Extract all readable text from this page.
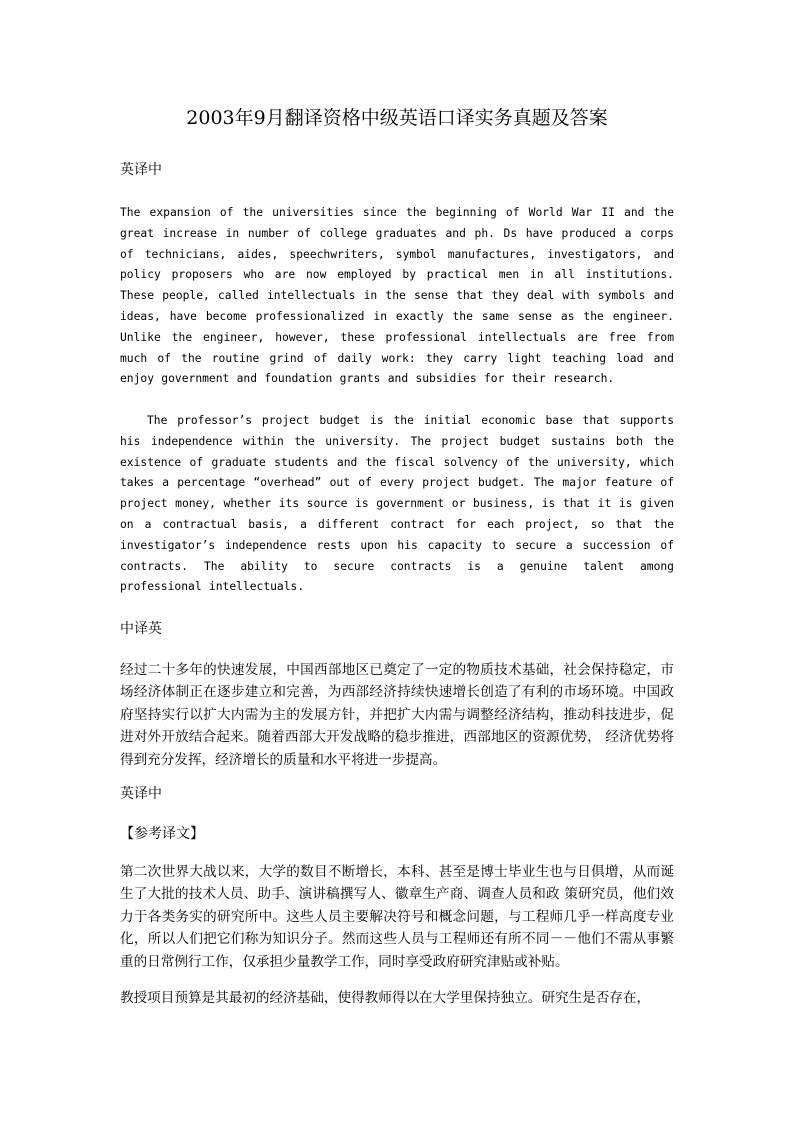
2003年9月翻译资格中级英语口译实务真题及答案
英译中

The expansion of the universities since the beginning of World War II and the great increase in number of college graduates and ph. Ds have produced a corps of technicians, aides, speechwriters, symbol manufactures, investigators, and policy proposers who are now employed by practical men in all institutions. These people, called intellectuals in the sense that they deal with symbols and ideas, have become professionalized in exactly the same sense as the engineer. Unlike the engineer, however, these professional intellectuals are free from much of the routine grind of daily work: they carry light teaching load and enjoy government and foundation grants and subsidies for their research.

The professor’s project budget is the initial economic base that supports his independence within the university. The project budget sustains both the existence of graduate students and the fiscal solvency of the university, which takes a percentage “overhead” out of every project budget. The major feature of project money, whether its source is government or business, is that it is given on a contractual basis, a different contract for each project, so that the investigator’s independence rests upon his capacity to secure a succession of contracts. The ability to secure contracts is a genuine talent among professional intellectuals.

中译英

经过二十多年的快速发展，中国西部地区已奠定了一定的物质技术基础，社会保持稳定，市场经济体制正在逐步建立和完善，为西部经济持续快速增长创造了有利的市场环境。中国政府坚持实行以扩大内需为主的发展方针，并把扩大内需与调整经济结构，推动科技进步，促进对外开放结合起来。随着西部大开发战略的稳步推进，西部地区的资源优势， 经济优势将得到充分发挥，经济增长的质量和水平将进一步提高。

英译中
【参考译文】

第二次世界大战以来，大学的数目不断增长，本科、甚至是博士毕业生也与日俱增，从而诞生了大批的技术人员、助手、演讲稿撰写人、徽章生产商、调查人员和政 策研究员，他们效力于各类务实的研究所中。这些人员主要解决符号和概念问题，与工程师几乎一样高度专业化，所以人们把它们称为知识分子。然而这些人员与工程师还有所不同－－他们不需从事繁重的日常例行工作，仅承担少量教学工作，同时享受政府研究津贴或补贴。

教授项目预算是其最初的经济基础，使得教师得以在大学里保持独立。研究生是否存在，
